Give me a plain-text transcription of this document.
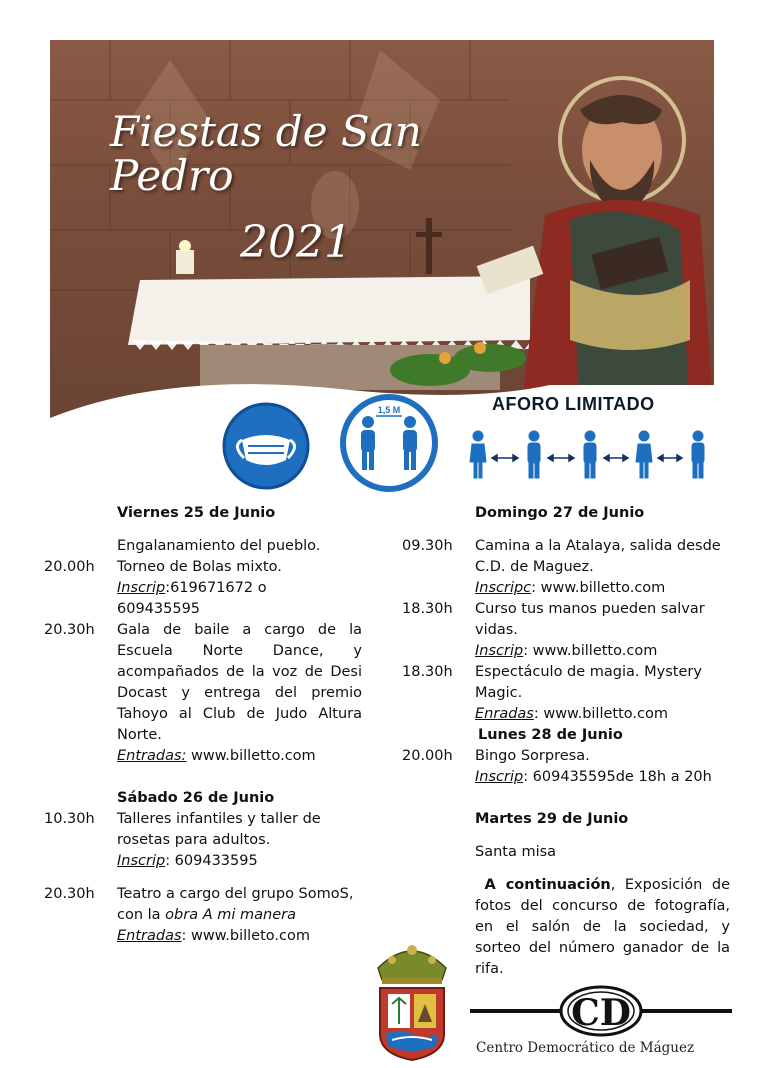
Fiestas de San Pedro
2021
1,5 M	AFORO LIMITADO
Viernes 25 de Junio
Engalanamiento del pueblo.
20.00h	Torneo de Bolas mixto.
Inscrip:619671672 o
609435595
20.30h	Gala de baile a cargo de la Escuela Norte Dance, y acompañados de la voz de Desi Docast y entrega del premio Tahoyo al Club de Judo Altura Norte.
Entradas: www.billetto.com
Sábado 26 de Junio
10.30h	Talleres infantiles y taller de rosetas para adultos.
Inscrip: 609433595
20.30h	Teatro a cargo del grupo SomoS, con la obra A mi manera
Entradas: www.billeto.com
Domingo 27 de Junio
09.30h	Camina a la Atalaya, salida desde C.D. de Maguez.
Inscripc: www.billetto.com
18.30h	Curso tus manos pueden salvar vidas.
Inscrip: www.billetto.com
18.30h	Espectáculo de magia. Mystery Magic.
Enradas: www.billetto.com
Lunes 28 de Junio
20.00h	Bingo Sorpresa.
Inscrip: 609435595de 18h a 20h
Martes 29 de Junio
Santa misa
A continuación, Exposición de fotos del concurso de fotografía, en el salón de la sociedad, y sorteo del número ganador de la rifa.
CD
Centro Democrático de Máguez
